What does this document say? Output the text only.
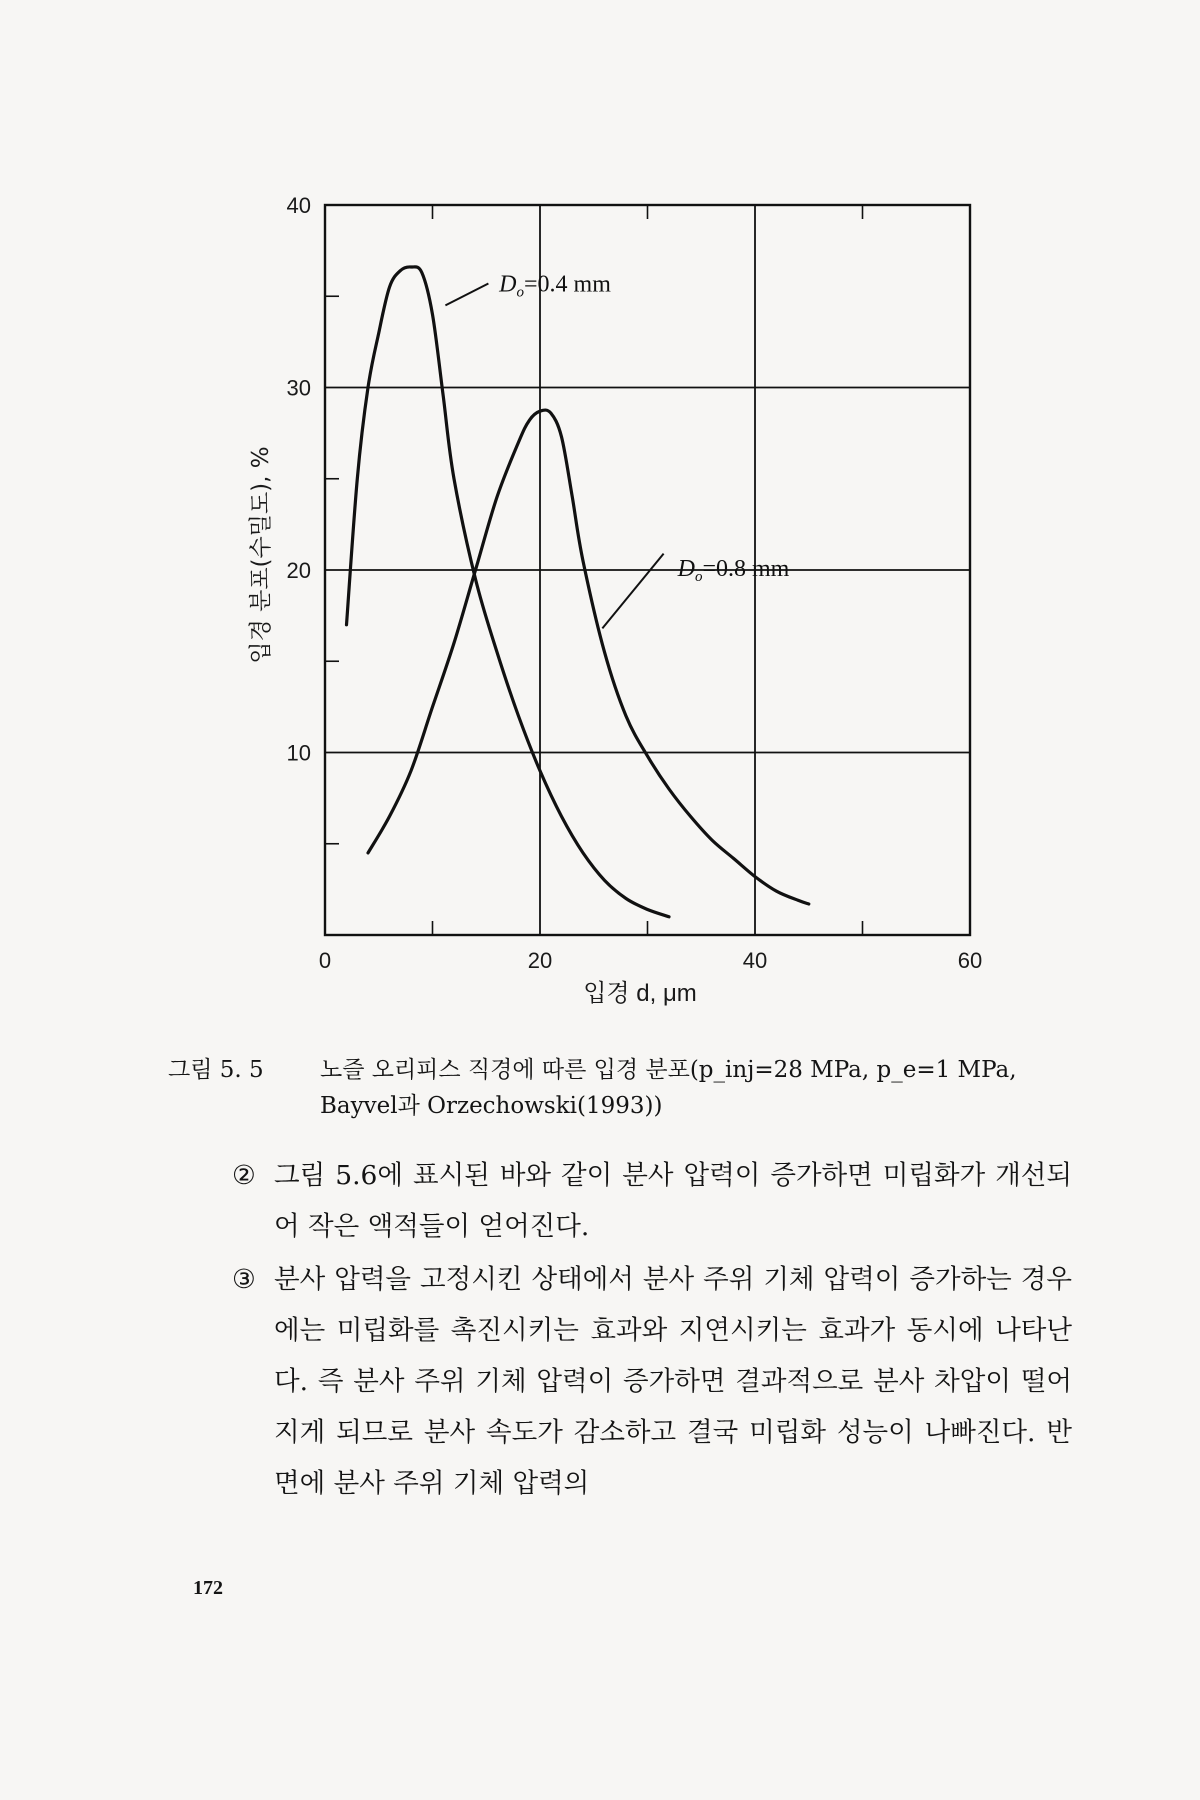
0	20	40	60
10
20
30
40
입경 분포(수밀도), %
입경 d, μm
$D_o=0.4$ mm
$D_o=0.8$ mm
그림 5. 5	노즐 오리피스 직경에 따른 입경 분포(p_inj=28 MPa, p_e=1 MPa, Bayvel과 Orzechowski(1993))

② 그림 5.6에 표시된 바와 같이 분사 압력이 증가하면 미립화가 개선되어 작은 액적들이 얻어진다.

③ 분사 압력을 고정시킨 상태에서 분사 주위 기체 압력이 증가하는 경우에는 미립화를 촉진시키는 효과와 지연시키는 효과가 동시에 나타난다. 즉 분사 주위 기체 압력이 증가하면 결과적으로 분사 차압이 떨어지게 되므로 분사 속도가 감소하고 결국 미립화 성능이 나빠진다. 반면에 분사 주위 기체 압력의

172
